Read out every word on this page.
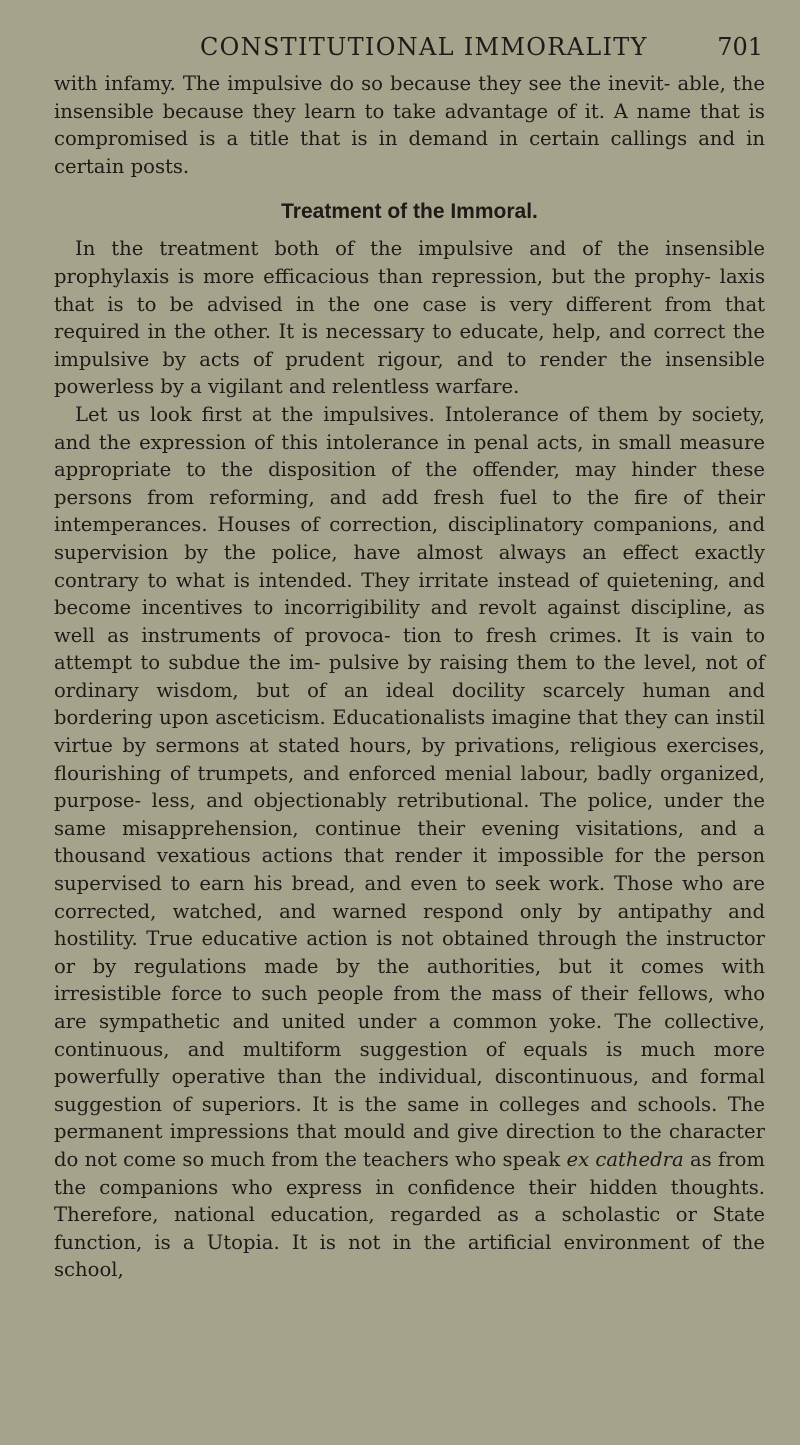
CONSTITUTIONAL IMMORALITY	701

with infamy. The impulsive do so because they see the inevit- able, the insensible because they learn to take advantage of it. A name that is compromised is a title that is in demand in certain callings and in certain posts.

Treatment of the Immoral.

In the treatment both of the impulsive and of the insensible prophylaxis is more efficacious than repression, but the prophy- laxis that is to be advised in the one case is very different from that required in the other. It is necessary to educate, help, and correct the impulsive by acts of prudent rigour, and to render the insensible powerless by a vigilant and relentless warfare.

Let us look first at the impulsives. Intolerance of them by society, and the expression of this intolerance in penal acts, in small measure appropriate to the disposition of the offender, may hinder these persons from reforming, and add fresh fuel to the fire of their intemperances. Houses of correction, disciplinatory companions, and supervision by the police, have almost always an effect exactly contrary to what is intended. They irritate instead of quietening, and become incentives to incorrigibility and revolt against discipline, as well as instruments of provoca- tion to fresh crimes. It is vain to attempt to subdue the im- pulsive by raising them to the level, not of ordinary wisdom, but of an ideal docility scarcely human and bordering upon asceticism. Educationalists imagine that they can instil virtue by sermons at stated hours, by privations, religious exercises, flourishing of trumpets, and enforced menial labour, badly organized, purpose- less, and objectionably retributional. The police, under the same misapprehension, continue their evening visitations, and a thousand vexatious actions that render it impossible for the person supervised to earn his bread, and even to seek work. Those who are corrected, watched, and warned respond only by antipathy and hostility. True educative action is not obtained through the instructor or by regulations made by the authorities, but it comes with irresistible force to such people from the mass of their fellows, who are sympathetic and united under a common yoke. The collective, continuous, and multiform suggestion of equals is much more powerfully operative than the individual, discontinuous, and formal suggestion of superiors. It is the same in colleges and schools. The permanent impressions that mould and give direction to the character do not come so much from the teachers who speak ex cathedra as from the companions who express in confidence their hidden thoughts. Therefore, national education, regarded as a scholastic or State function, is a Utopia. It is not in the artificial environment of the school,
